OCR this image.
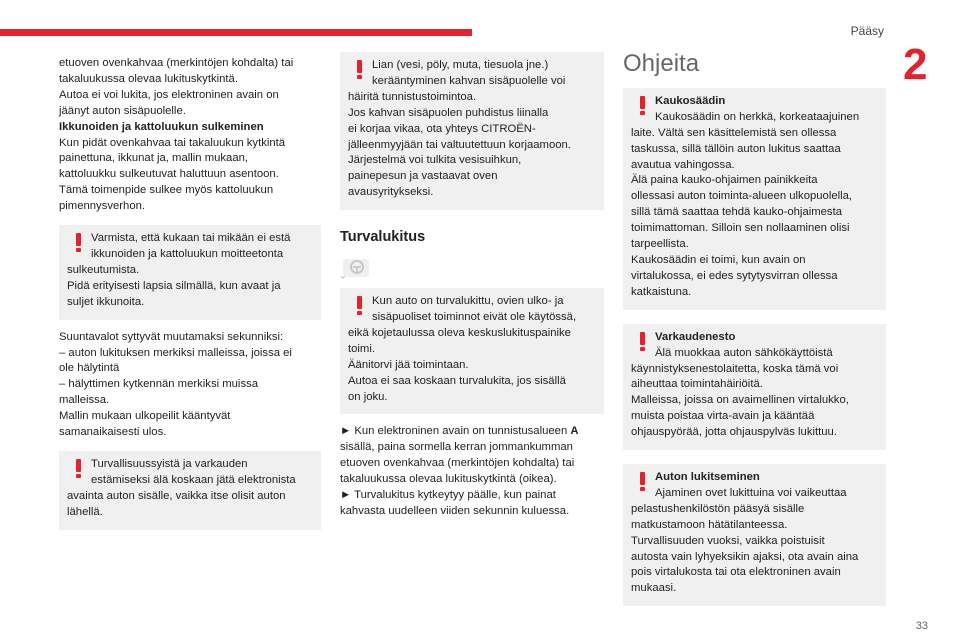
Pääsy
2
etuoven ovenkahvaa (merkintöjen kohdalta) tai
takaluukussa olevaa lukituskytkintä.
Autoa ei voi lukita, jos elektroninen avain on
jäänyt auton sisäpuolelle.
Ikkunoiden ja kattoluukun sulkeminen
Kun pidät ovenkahvaa tai takaluukun kytkintä
painettuna, ikkunat ja, mallin mukaan,
kattoluukku sulkeutuvat haluttuun asentoon.
Tämä toimenpide sulkee myös kattoluukun
pimennysverhon.
Varmista, että kukaan tai mikään ei estä
ikkunoiden ja kattoluukun moitteetonta
sulkeutumista.
Pidä erityisesti lapsia silmällä, kun avaat ja
suljet ikkunoita.
Suuntavalot syttyvät muutamaksi sekunniksi:
– auton lukituksen merkiksi malleissa, joissa ei
ole hälytintä
– hälyttimen kytkennän merkiksi muissa
malleissa.
Mallin mukaan ulkopeilit kääntyvät
samanaikaisesti ulos.
Turvallisuussyistä ja varkauden
estämiseksi älä koskaan jätä elektronista
avainta auton sisälle, vaikka itse olisit auton
lähellä.
Lian (vesi, pöly, muta, tiesuola jne.)
kerääntyminen kahvan sisäpuolelle voi
häiritä tunnistustoimintoa.
Jos kahvan sisäpuolen puhdistus liinalla
ei korjaa vikaa, ota yhteys CITROËN-
jälleenmyyjään tai valtuutettuun korjaamoon.
Järjestelmä voi tulkita vesisuihkun,
painepesun ja vastaavat oven
avausyritykseksi.
Turvalukitus
Kun auto on turvalukittu, ovien ulko- ja
sisäpuoliset toiminnot eivät ole käytössä,
eikä kojetaulussa oleva keskuslukituspainike
toimi.
Äänitorvi jää toimintaan.
Autoa ei saa koskaan turvalukita, jos sisällä
on joku.
► Kun elektroninen avain on tunnistusalueen A
sisällä, paina sormella kerran jommankumman
etuoven ovenkahvaa (merkintöjen kohdalta) tai
takaluukussa olevaa lukituskytkintä (oikea).
► Turvalukitus kytkeytyy päälle, kun painat
kahvasta uudelleen viiden sekunnin kuluessa.
Ohjeita
Kaukosäädin
Kaukosäädin on herkkä, korkeataajuinen
laite. Vältä sen käsittelemistä sen ollessa
taskussa, sillä tällöin auton lukitus saattaa
avautua vahingossa.
Älä paina kauko-ohjaimen painikkeita
ollessasi auton toiminta-alueen ulkopuolella,
sillä tämä saattaa tehdä kauko-ohjaimesta
toimimattoman. Silloin sen nollaaminen olisi
tarpeellista.
Kaukosäädin ei toimi, kun avain on
virtalukossa, ei edes sytytysvirran ollessa
katkaistuna.
Varkaudenesto
Älä muokkaa auton sähkökäyttöistä
käynnistyksenestolaitetta, koska tämä voi
aiheuttaa toimintahäiriöitä.
Malleissa, joissa on avaimellinen virtalukko,
muista poistaa virta-avain ja kääntää
ohjauspyörää, jotta ohjauspylväs lukittuu.
Auton lukitseminen
Ajaminen ovet lukittuina voi vaikeuttaa
pelastushenkilöstön pääsyä sisälle
matkustamoon hätätilanteessa.
Turvallisuuden vuoksi, vaikka poistuisit
autosta vain lyhyeksikin ajaksi, ota avain aina
pois virtalukosta tai ota elektroninen avain
mukaasi.
33
